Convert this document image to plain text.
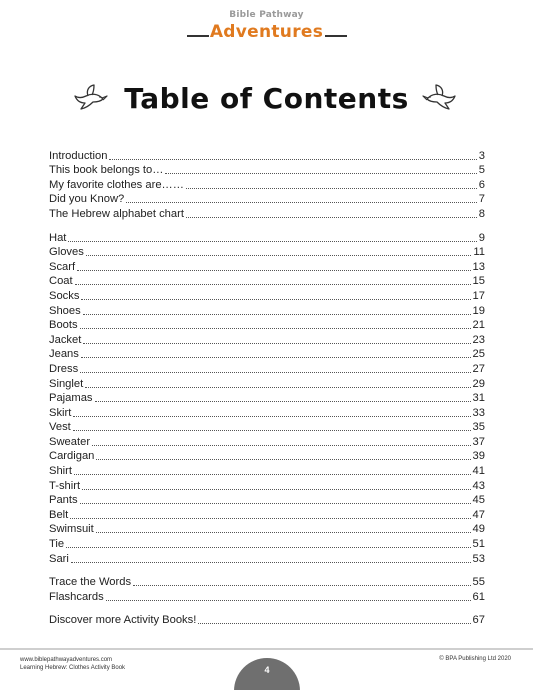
Bible Pathway
Adventures
Table of Contents
Introduction	3
This book belongs to…	5
My favorite clothes are……	6
Did you Know?	7
The Hebrew alphabet chart	8
Hat	9
Gloves	11
Scarf	13
Coat	15
Socks	17
Shoes	19
Boots	21
Jacket	23
Jeans	25
Dress	27
Singlet	29
Pajamas	31
Skirt	33
Vest	35
Sweater	37
Cardigan	39
Shirt	41
T-shirt	43
Pants	45
Belt	47
Swimsuit	49
Tie	51
Sari	53
Trace the Words	55
Flashcards	61
Discover more Activity Books!	67
www.biblepathwayadventures.com
Learning Hebrew: Clothes Activity Book
© BPA Publishing Ltd 2020
4
